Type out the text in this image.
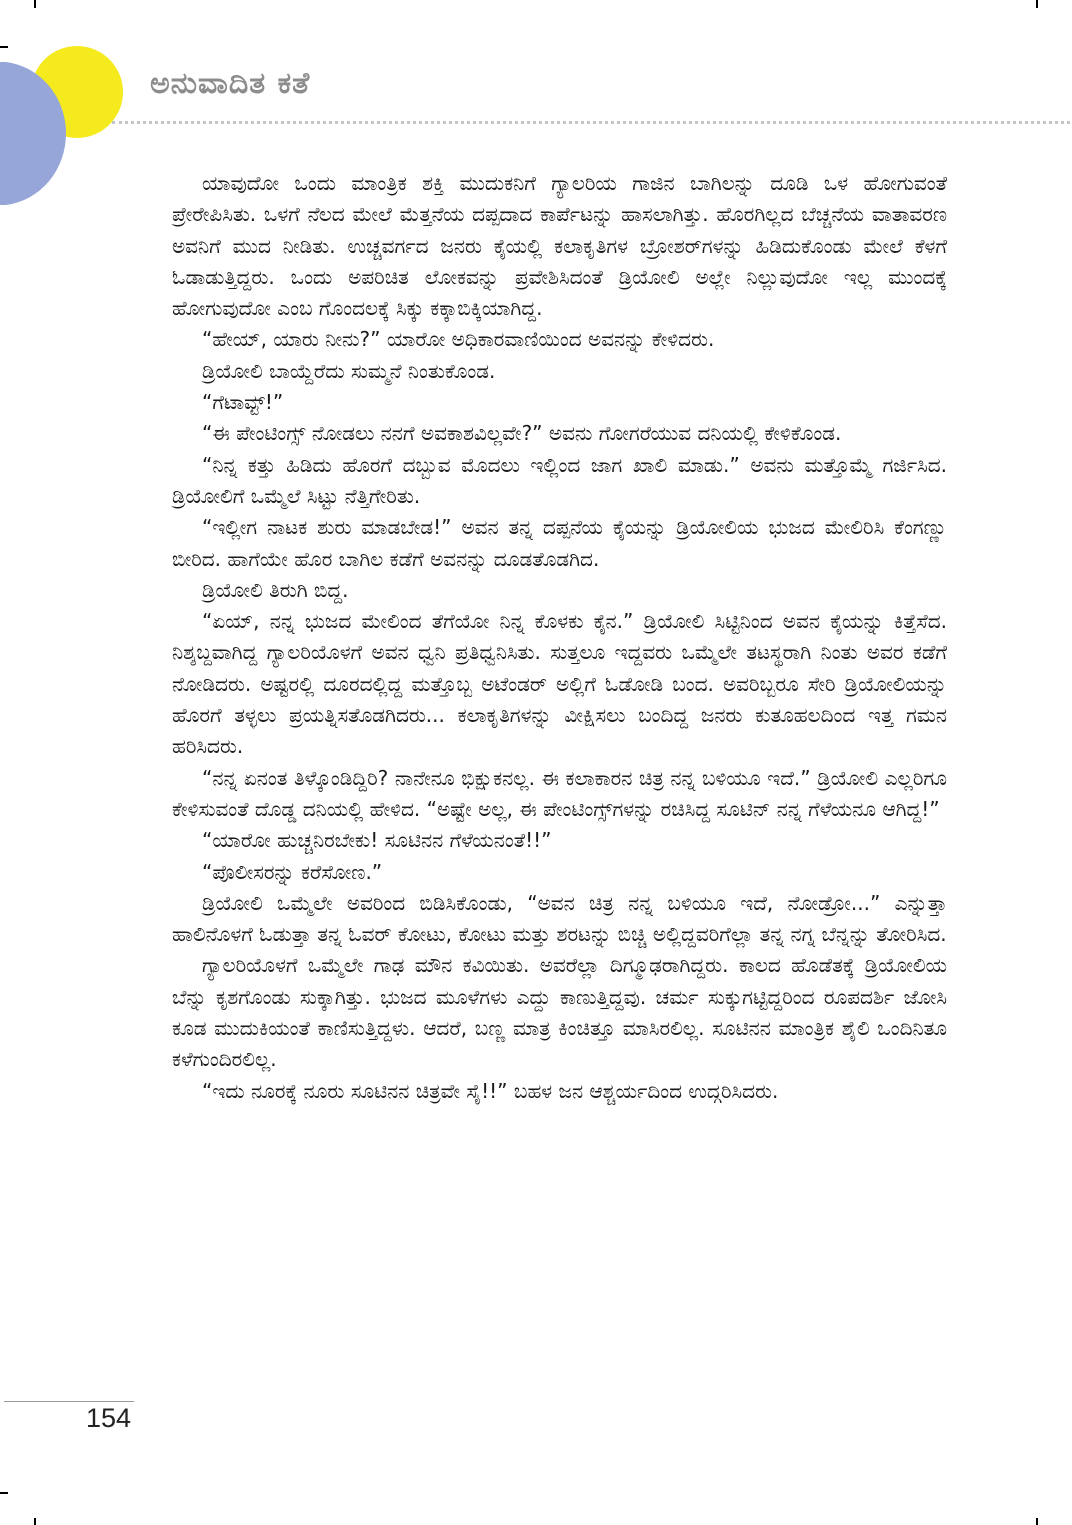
ಅನುವಾದಿತ ಕತೆ

ಯಾವುದೋ ಒಂದು ಮಾಂತ್ರಿಕ ಶಕ್ತಿ ಮುದುಕನಿಗೆ ಗ್ಯಾಲರಿಯ ಗಾಜಿನ ಬಾಗಿಲನ್ನು ದೂಡಿ ಒಳ ಹೋಗುವಂತೆ ಪ್ರೇರೇಪಿಸಿತು. ಒಳಗೆ ನೆಲದ ಮೇಲೆ ಮೆತ್ತನೆಯ ದಪ್ಪದಾದ ಕಾರ್ಪೆಟನ್ನು ಹಾಸಲಾಗಿತ್ತು. ಹೊರಗಿಲ್ಲದ ಬೆಚ್ಚನೆಯ ವಾತಾವರಣ ಅವನಿಗೆ ಮುದ ನೀಡಿತು. ಉಚ್ಚವರ್ಗದ ಜನರು ಕೈಯಲ್ಲಿ ಕಲಾಕೃತಿಗಳ ಬ್ರೋಶರ್‌ಗಳನ್ನು ಹಿಡಿದುಕೊಂಡು ಮೇಲೆ ಕೆಳಗೆ ಓಡಾಡುತ್ತಿದ್ದರು. ಒಂದು ಅಪರಿಚಿತ ಲೋಕವನ್ನು ಪ್ರವೇಶಿಸಿದಂತೆ ಡ್ರಿಯೋಲಿ ಅಲ್ಲೇ ನಿಲ್ಲುವುದೋ ಇಲ್ಲ ಮುಂದಕ್ಕೆ ಹೋಗುವುದೋ ಎಂಬ ಗೊಂದಲಕ್ಕೆ ಸಿಕ್ಕು ಕಕ್ಕಾಬಿಕ್ಕಿಯಾಗಿದ್ದ.

“ಹೇಯ್, ಯಾರು ನೀನು?” ಯಾರೋ ಅಧಿಕಾರವಾಣಿಯಿಂದ ಅವನನ್ನು ಕೇಳಿದರು.

ಡ್ರಿಯೋಲಿ ಬಾಯ್ದೆರೆದು ಸುಮ್ಮನೆ ನಿಂತುಕೊಂಡ.

“ಗೆಟಾವ್ಟ್!”

“ಈ ಪೇಂಟಿಂಗ್ಸ್ ನೋಡಲು ನನಗೆ ಅವಕಾಶವಿಲ್ಲವೇ?” ಅವನು ಗೋಗರೆಯುವ ದನಿಯಲ್ಲಿ ಕೇಳಿಕೊಂಡ.

“ನಿನ್ನ ಕತ್ತು ಹಿಡಿದು ಹೊರಗೆ ದಬ್ಬುವ ಮೊದಲು ಇಲ್ಲಿಂದ ಜಾಗ ಖಾಲಿ ಮಾಡು.” ಅವನು ಮತ್ತೊಮ್ಮೆ ಗರ್ಜಿಸಿದ. ಡ್ರಿಯೋಲಿಗೆ ಒಮ್ಮೆಲೆ ಸಿಟ್ಟು ನೆತ್ತಿಗೇರಿತು.

“ಇಲ್ಲೀಗ ನಾಟಕ ಶುರು ಮಾಡಬೇಡ!” ಅವನ ತನ್ನ ದಪ್ಪನೆಯ ಕೈಯನ್ನು ಡ್ರಿಯೋಲಿಯ ಭುಜದ ಮೇಲಿರಿಸಿ ಕೆಂಗಣ್ಣು ಬೀರಿದ. ಹಾಗೆಯೇ ಹೊರ ಬಾಗಿಲ ಕಡೆಗೆ ಅವನನ್ನು ದೂಡತೊಡಗಿದ.

ಡ್ರಿಯೋಲಿ ತಿರುಗಿ ಬಿದ್ದ.

“ಏಯ್, ನನ್ನ ಭುಜದ ಮೇಲಿಂದ ತೆಗೆಯೋ ನಿನ್ನ ಕೊಳಕು ಕೈನ.” ಡ್ರಿಯೋಲಿ ಸಿಟ್ಟಿನಿಂದ ಅವನ ಕೈಯನ್ನು ಕಿತ್ತೆಸೆದ. ನಿಶ್ಶಬ್ದವಾಗಿದ್ದ ಗ್ಯಾಲರಿಯೊಳಗೆ ಅವನ ಧ್ವನಿ ಪ್ರತಿಧ್ವನಿಸಿತು. ಸುತ್ತಲೂ ಇದ್ದವರು ಒಮ್ಮೆಲೇ ತಟಸ್ಥರಾಗಿ ನಿಂತು ಅವರ ಕಡೆಗೆ ನೋಡಿದರು. ಅಷ್ಟರಲ್ಲಿ ದೂರದಲ್ಲಿದ್ದ ಮತ್ತೊಬ್ಬ ಅಟೆಂಡರ್ ಅಲ್ಲಿಗೆ ಓಡೋಡಿ ಬಂದ. ಅವರಿಬ್ಬರೂ ಸೇರಿ ಡ್ರಿಯೋಲಿಯನ್ನು ಹೊರಗೆ ತಳ್ಳಲು ಪ್ರಯತ್ನಿಸತೊಡಗಿದರು... ಕಲಾಕೃತಿಗಳನ್ನು ವೀಕ್ಷಿಸಲು ಬಂದಿದ್ದ ಜನರು ಕುತೂಹಲದಿಂದ ಇತ್ತ ಗಮನ ಹರಿಸಿದರು.

“ನನ್ನ ಏನಂತ ತಿಳ್ಕೊಂಡಿದ್ದಿರಿ? ನಾನೇನೂ ಭಿಕ್ಷುಕನಲ್ಲ. ಈ ಕಲಾಕಾರನ ಚಿತ್ರ ನನ್ನ ಬಳಿಯೂ ಇದೆ.” ಡ್ರಿಯೋಲಿ ಎಲ್ಲರಿಗೂ ಕೇಳಿಸುವಂತೆ ದೊಡ್ಡ ದನಿಯಲ್ಲಿ ಹೇಳಿದ. “ಅಷ್ಟೇ ಅಲ್ಲ, ಈ ಪೇಂಟಿಂಗ್ಸ್‌ಗಳನ್ನು ರಚಿಸಿದ್ದ ಸೂಟಿನ್ ನನ್ನ ಗೆಳೆಯನೂ ಆಗಿದ್ದ!”

“ಯಾರೋ ಹುಚ್ಚನಿರಬೇಕು! ಸೂಟಿನನ ಗೆಳೆಯನಂತೆ!!”

“ಪೊಲೀಸರನ್ನು ಕರೆಸೋಣ.”

ಡ್ರಿಯೋಲಿ ಒಮ್ಮೆಲೇ ಅವರಿಂದ ಬಿಡಿಸಿಕೊಂಡು, “ಅವನ ಚಿತ್ರ ನನ್ನ ಬಳಿಯೂ ಇದೆ, ನೋಡ್ರೋ...” ಎನ್ನುತ್ತಾ ಹಾಲಿನೊಳಗೆ ಓಡುತ್ತಾ ತನ್ನ ಓವರ್ ಕೋಟು, ಕೋಟು ಮತ್ತು ಶರಟನ್ನು ಬಿಚ್ಚಿ ಅಲ್ಲಿದ್ದವರಿಗೆಲ್ಲಾ ತನ್ನ ನಗ್ನ ಬೆನ್ನನ್ನು ತೋರಿಸಿದ.

ಗ್ಯಾಲರಿಯೊಳಗೆ ಒಮ್ಮೆಲೇ ಗಾಢ ಮೌನ ಕವಿಯಿತು. ಅವರೆಲ್ಲಾ ದಿಗ್ಮೂಢರಾಗಿದ್ದರು. ಕಾಲದ ಹೊಡೆತಕ್ಕೆ ಡ್ರಿಯೋಲಿಯ ಬೆನ್ನು ಕೃಶಗೊಂಡು ಸುಕ್ಕಾಗಿತ್ತು. ಭುಜದ ಮೂಳೆಗಳು ಎದ್ದು ಕಾಣುತ್ತಿದ್ದವು. ಚರ್ಮ ಸುಕ್ಕುಗಟ್ಟಿದ್ದರಿಂದ ರೂಪದರ್ಶಿ ಜೋಸಿ ಕೂಡ ಮುದುಕಿಯಂತೆ ಕಾಣಿಸುತ್ತಿದ್ದಳು. ಆದರೆ, ಬಣ್ಣ ಮಾತ್ರ ಕಿಂಚಿತ್ತೂ ಮಾಸಿರಲಿಲ್ಲ. ಸೂಟಿನನ ಮಾಂತ್ರಿಕ ಶೈಲಿ ಒಂದಿನಿತೂ ಕಳೆಗುಂದಿರಲಿಲ್ಲ.

“ಇದು ನೂರಕ್ಕೆ ನೂರು ಸೂಟಿನನ ಚಿತ್ರವೇ ಸೈ!!” ಬಹಳ ಜನ ಆಶ್ಚರ್ಯದಿಂದ ಉದ್ಗರಿಸಿದರು.

154
